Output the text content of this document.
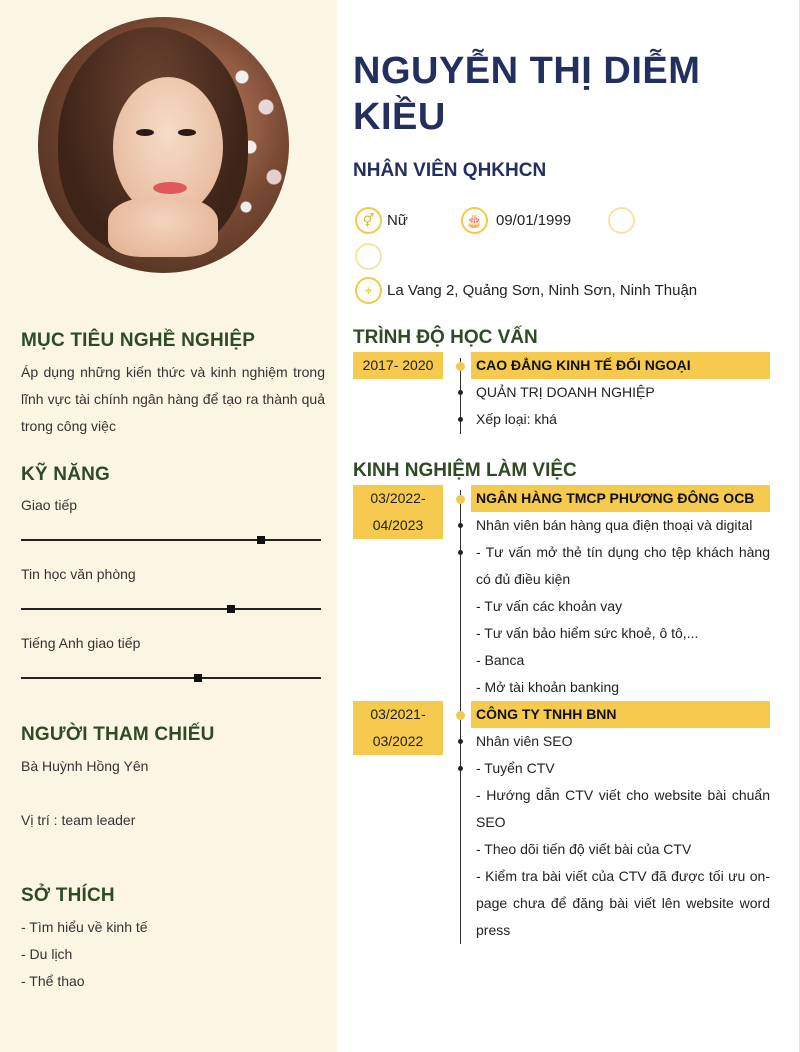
MỤC TIÊU NGHỀ NGHIỆP
Áp dụng những kiến thức và kinh nghiệm trong lĩnh vực tài chính ngân hàng để tạo ra thành quả trong công việc
KỸ NĂNG
Giao tiếp
Tin học văn phòng
Tiếng Anh giao tiếp
NGƯỜI THAM CHIẾU
Bà Huỳnh Hồng Yên
Vị trí : team leader
SỞ THÍCH
- Tìm hiểu về kinh tế
- Du lịch
- Thể thao
NGUYỄN THỊ DIỄM KIỀU
NHÂN VIÊN QHKHCN
⚥ Nữ	🎂 09/01/1999
⌖ La Vang 2, Quảng Sơn, Ninh Sơn, Ninh Thuận
TRÌNH ĐỘ HỌC VẤN
2017- 2020	CAO ĐẲNG KINH TẾ ĐỐI NGOẠI
QUẢN TRỊ DOANH NGHIỆP
Xếp loại: khá
KINH NGHIỆM LÀM VIỆC
03/2022-
04/2023
NGÂN HÀNG TMCP PHƯƠNG ĐÔNG OCB
Nhân viên bán hàng qua điện thoại và digital
- Tư vấn mở thẻ tín dụng cho tệp khách hàng có đủ điều kiện
- Tư vấn các khoản vay
- Tư vấn bảo hiểm sức khoẻ, ô tô,...
- Banca
- Mở tài khoản banking
03/2021-
03/2022
CÔNG TY TNHH BNN
Nhân viên SEO
- Tuyển CTV
- Hướng dẫn CTV viết cho website bài chuẩn SEO
- Theo dõi tiến độ viết bài của CTV
- Kiểm tra bài viết của CTV đã được tối ưu on-page chưa để đăng bài viết lên website word press
